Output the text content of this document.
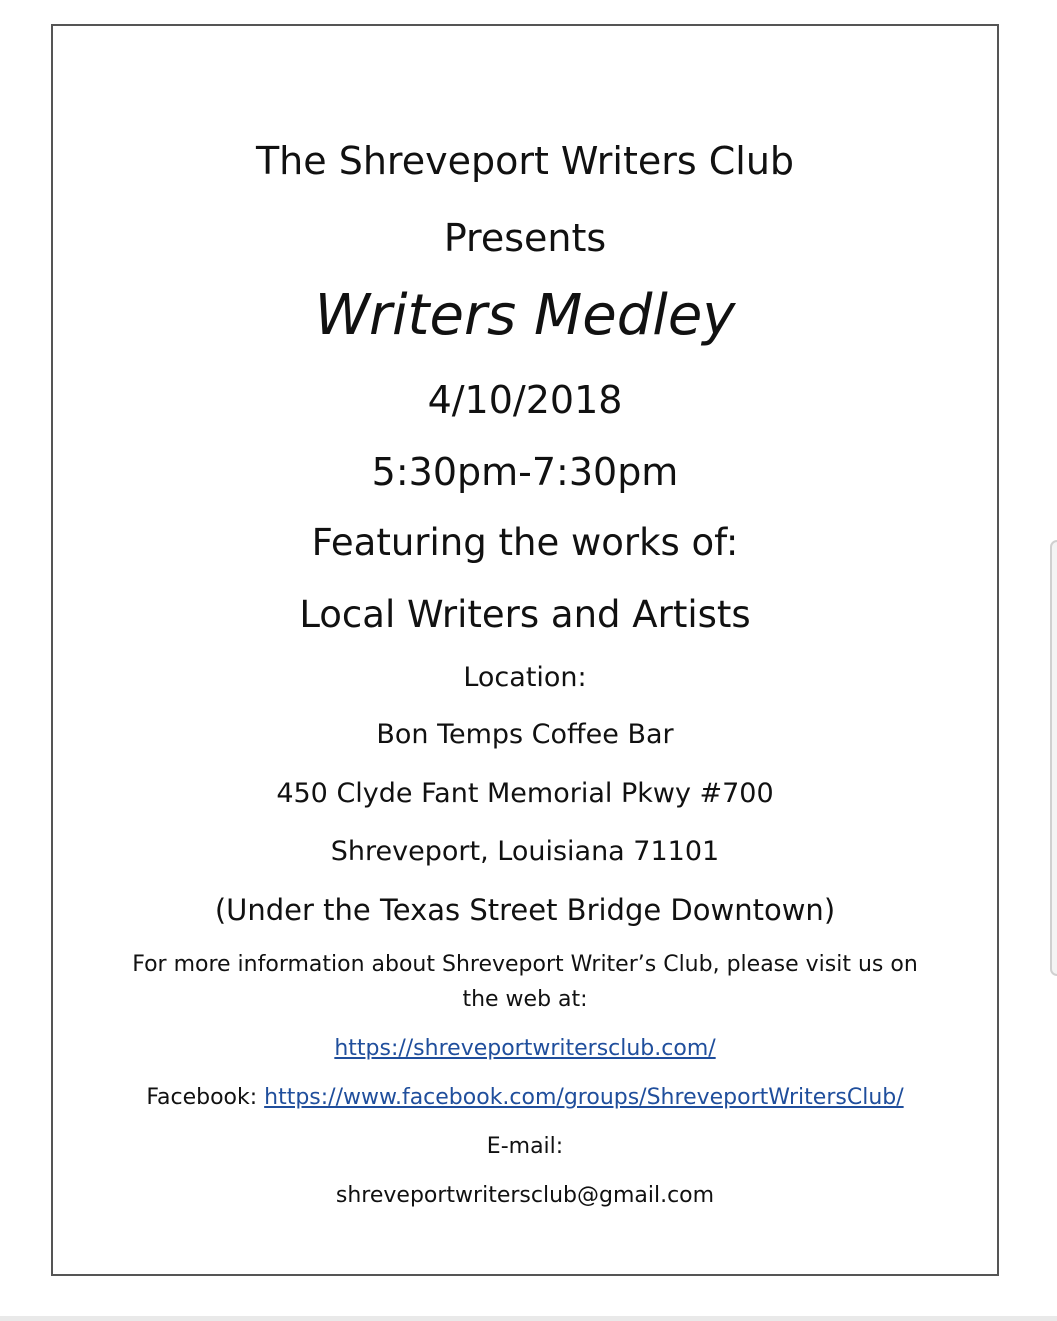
The Shreveport Writers Club

Presents

Writers Medley

4/10/2018

5:30pm-7:30pm

Featuring the works of:

Local Writers and Artists

Location:

Bon Temps Coffee Bar

450 Clyde Fant Memorial Pkwy #700

Shreveport, Louisiana 71101

(Under the Texas Street Bridge Downtown)

For more information about Shreveport Writer’s Club, please visit us on

the web at:

https://shreveportwritersclub.com/

Facebook: https://www.facebook.com/groups/ShreveportWritersClub/

E-mail:

shreveportwritersclub@gmail.com
